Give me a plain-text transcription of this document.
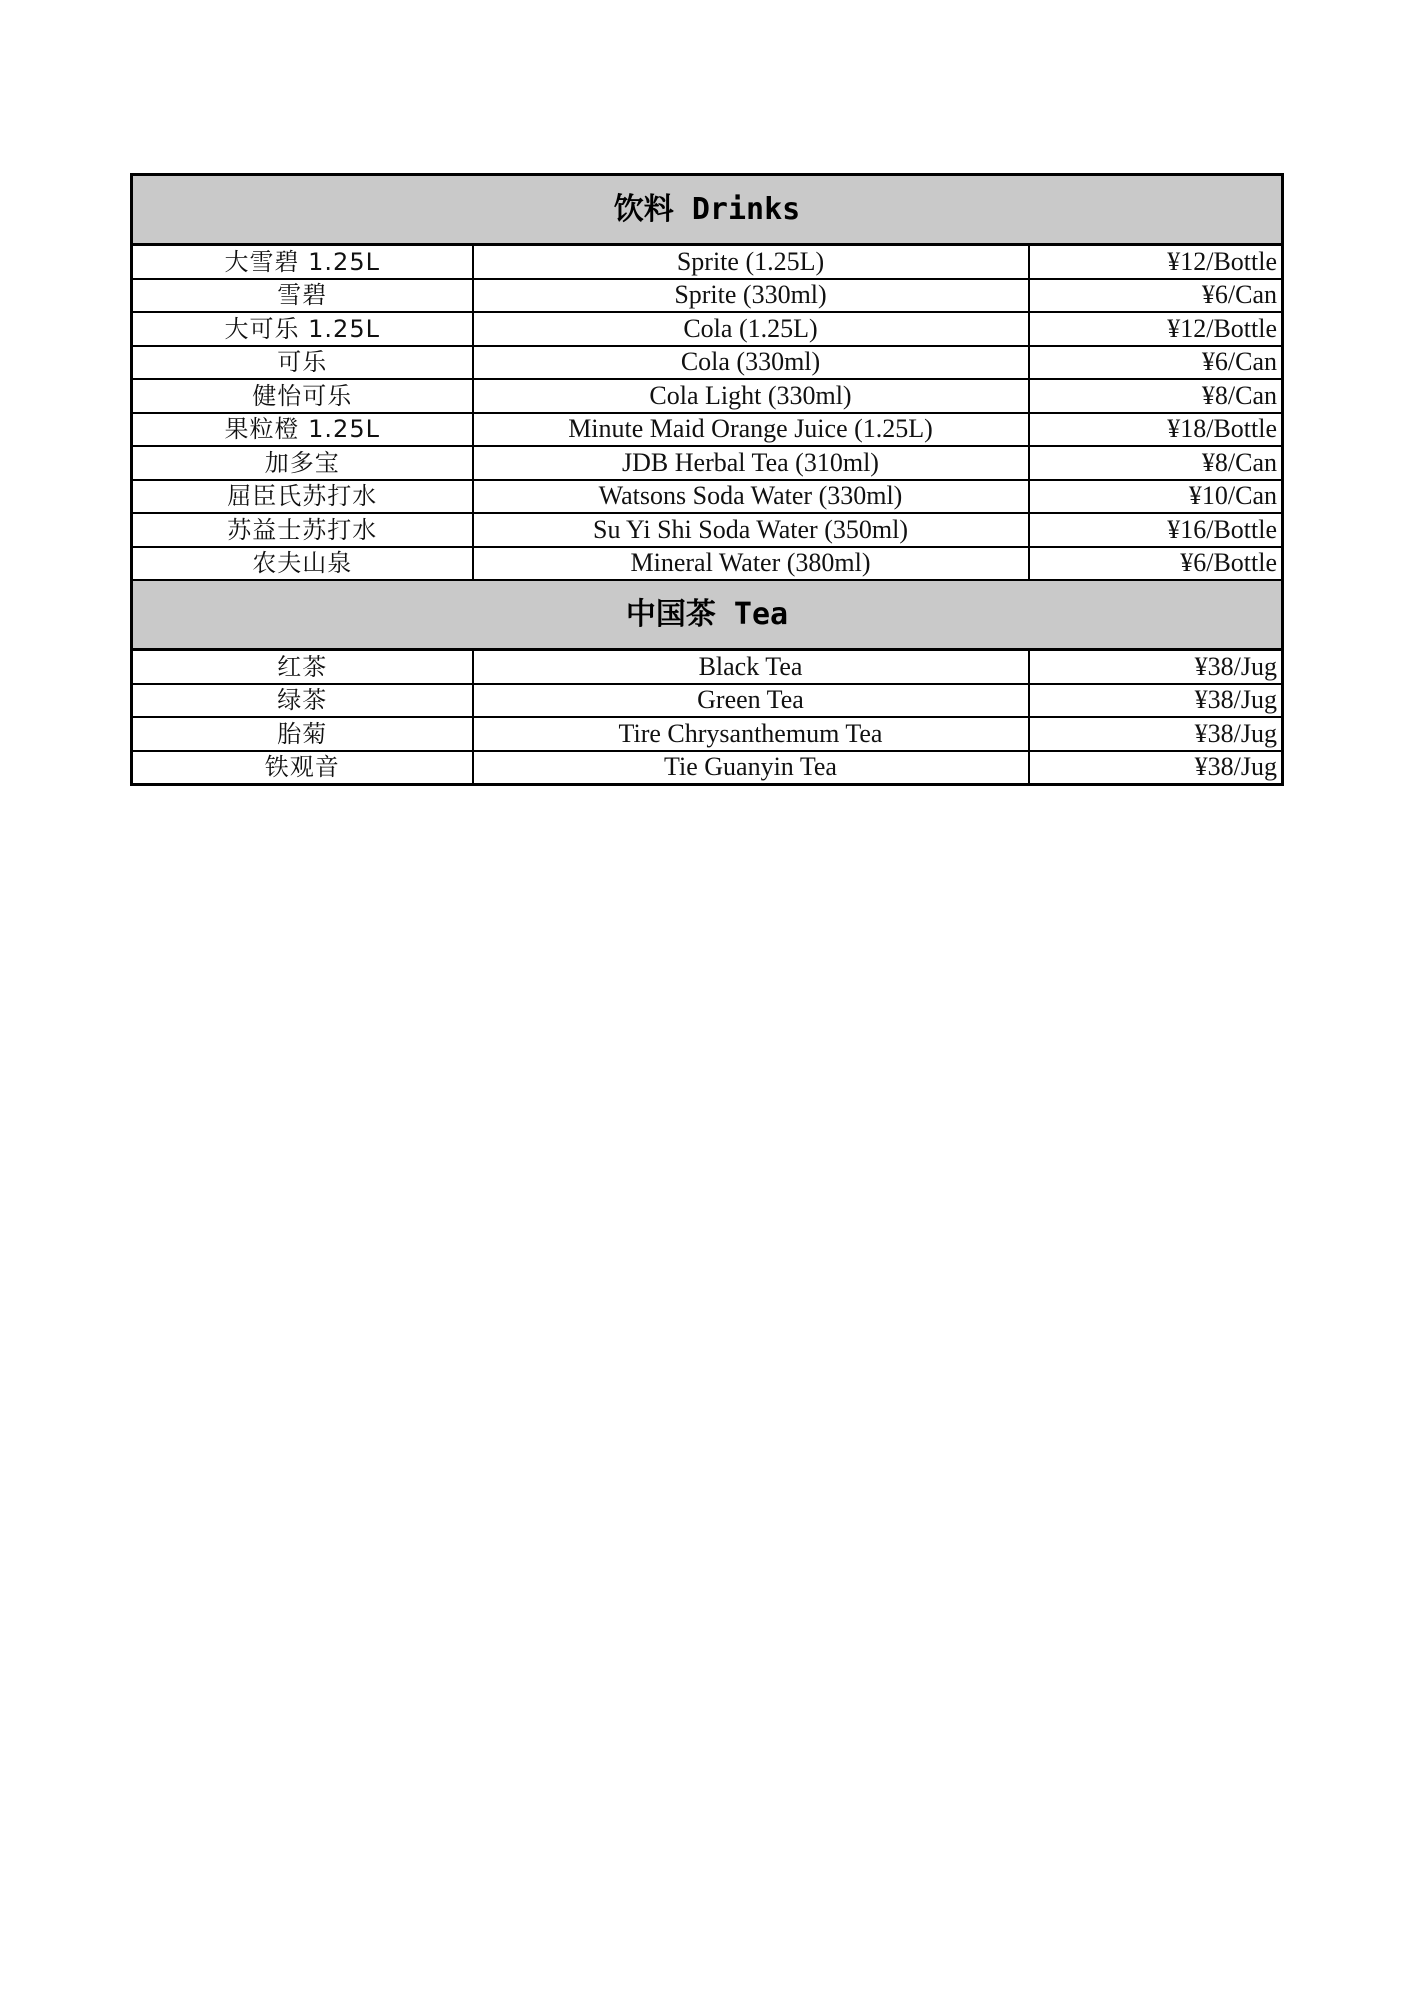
饮料 Drinks		
大雪碧 1.25L	Sprite (1.25L)	¥12/Bottle
雪碧	Sprite (330ml)	¥6/Can
大可乐 1.25L	Cola (1.25L)	¥12/Bottle
可乐	Cola (330ml)	¥6/Can
健怡可乐	Cola Light (330ml)	¥8/Can
果粒橙 1.25L	Minute Maid Orange Juice (1.25L)	¥18/Bottle
加多宝	JDB Herbal Tea (310ml)	¥8/Can
屈臣氏苏打水	Watsons Soda Water (330ml)	¥10/Can
苏益士苏打水	Su Yi Shi Soda Water (350ml)	¥16/Bottle
农夫山泉	Mineral Water (380ml)	¥6/Bottle
中国茶 Tea		
红茶	Black Tea	¥38/Jug
绿茶	Green Tea	¥38/Jug
胎菊	Tire Chrysanthemum Tea	¥38/Jug
铁观音	Tie Guanyin Tea	¥38/Jug
